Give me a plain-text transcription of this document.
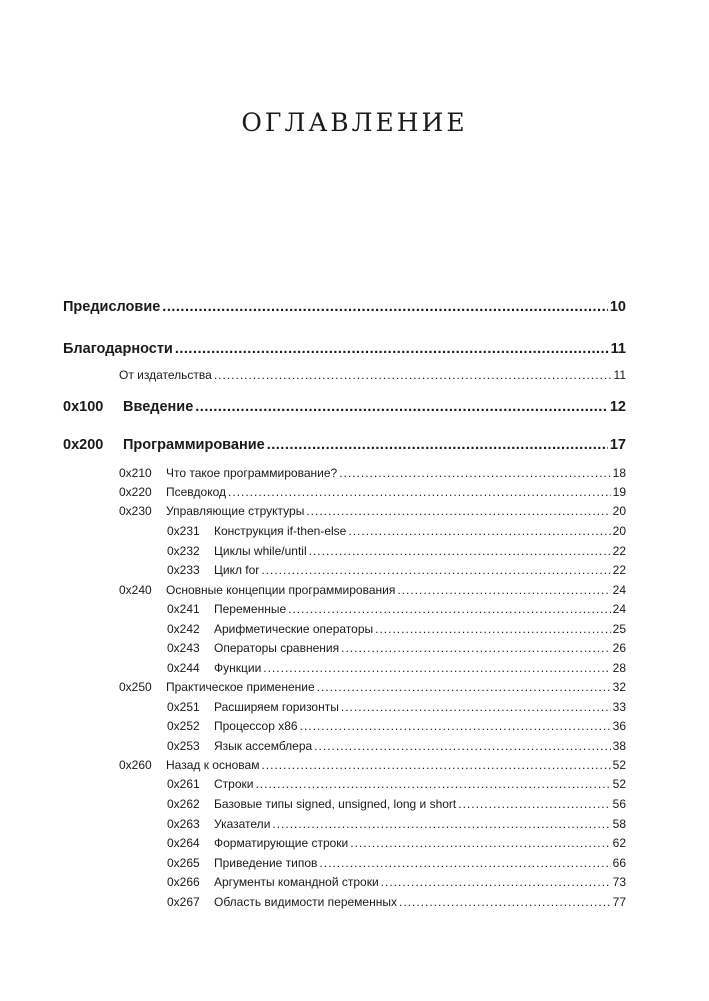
ОГЛАВЛЕНИЕ
Предисловие .....	10
Благодарности .....	11
От издательства .....	11
0x100	Введение .....	12
0x200	Программирование .....	17
0x210	Что такое программирование? .....	18
0x220	Псевдокод .....	19
0x230	Управляющие структуры .....	20
0x231	Конструкция if-then-else .....	20
0x232	Циклы while/until .....	22
0x233	Цикл for .....	22
0x240	Основные концепции программирования .....	24
0x241	Переменные .....	24
0x242	Арифметические операторы .....	25
0x243	Операторы сравнения .....	26
0x244	Функции .....	28
0x250	Практическое применение .....	32
0x251	Расширяем горизонты .....	33
0x252	Процессор x86 .....	36
0x253	Язык ассемблера .....	38
0x260	Назад к основам .....	52
0x261	Строки .....	52
0x262	Базовые типы signed, unsigned, long и short .....	56
0x263	Указатели .....	58
0x264	Форматирующие строки .....	62
0x265	Приведение типов .....	66
0x266	Аргументы командной строки .....	73
0x267	Область видимости переменных .....	77
